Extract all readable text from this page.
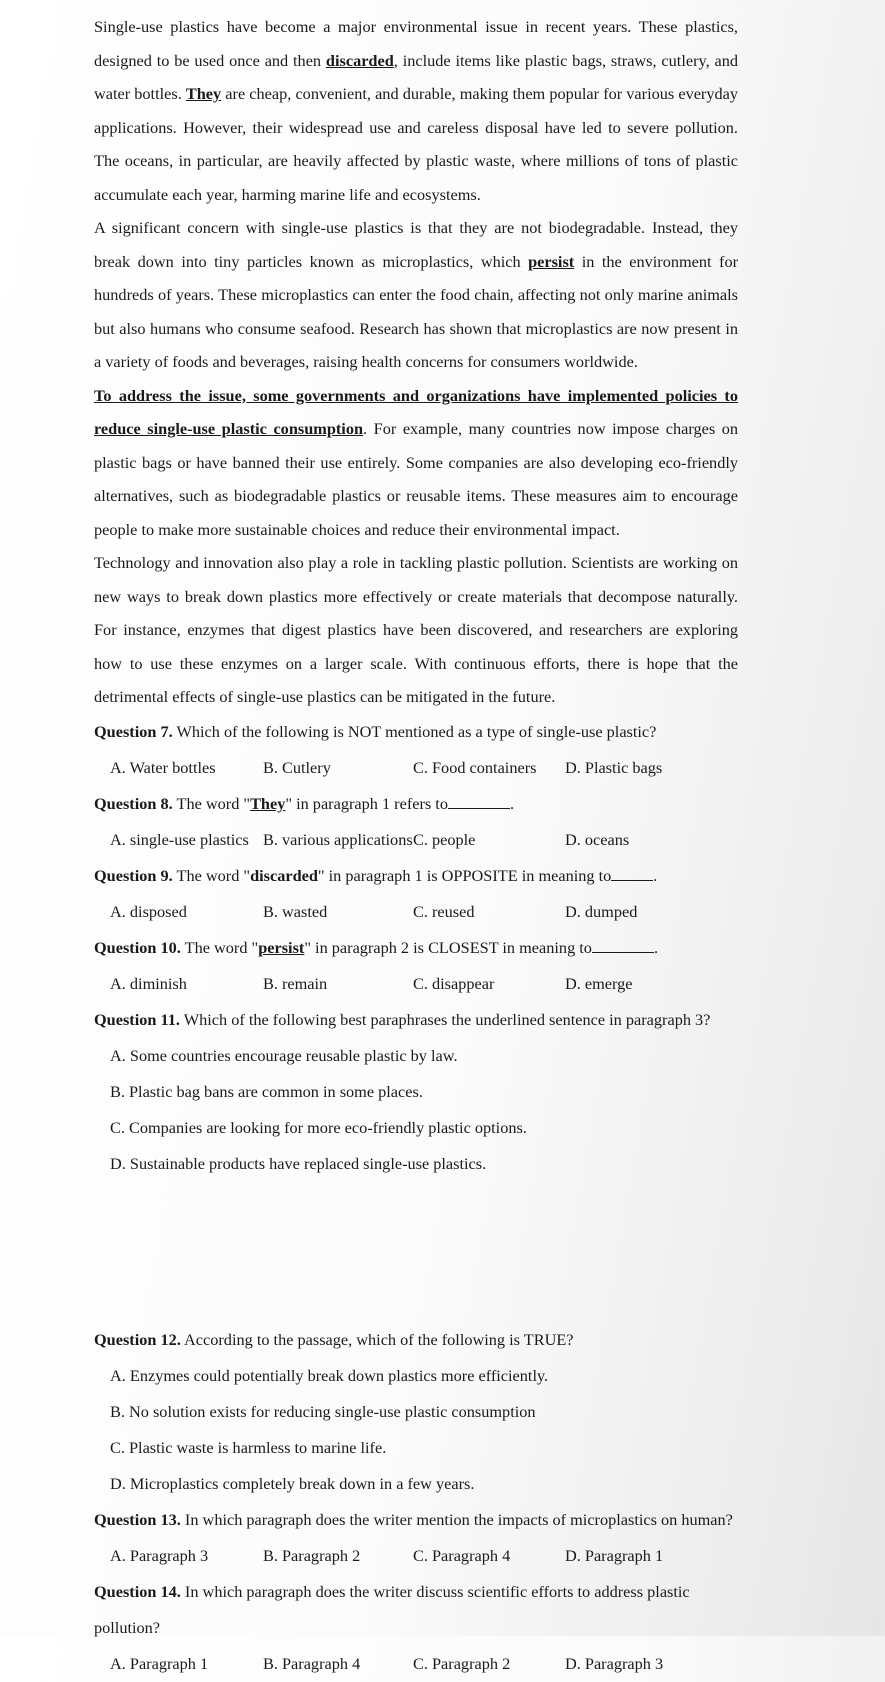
Single-use plastics have become a major environmental issue in recent years. These plastics, designed to be used once and then discarded, include items like plastic bags, straws, cutlery, and water bottles. They are cheap, convenient, and durable, making them popular for various everyday applications. However, their widespread use and careless disposal have led to severe pollution. The oceans, in particular, are heavily affected by plastic waste, where millions of tons of plastic accumulate each year, harming marine life and ecosystems.

A significant concern with single-use plastics is that they are not biodegradable. Instead, they break down into tiny particles known as microplastics, which persist in the environment for hundreds of years. These microplastics can enter the food chain, affecting not only marine animals but also humans who consume seafood. Research has shown that microplastics are now present in a variety of foods and beverages, raising health concerns for consumers worldwide.

To address the issue, some governments and organizations have implemented policies to reduce single-use plastic consumption. For example, many countries now impose charges on plastic bags or have banned their use entirely. Some companies are also developing eco-friendly alternatives, such as biodegradable plastics or reusable items. These measures aim to encourage people to make more sustainable choices and reduce their environmental impact.

Technology and innovation also play a role in tackling plastic pollution. Scientists are working on new ways to break down plastics more effectively or create materials that decompose naturally. For instance, enzymes that digest plastics have been discovered, and researchers are exploring how to use these enzymes on a larger scale. With continuous efforts, there is hope that the detrimental effects of single-use plastics can be mitigated in the future.

Question 7. Which of the following is NOT mentioned as a type of single-use plastic?

A. Water bottles	B. Cutlery	C. Food containers	D. Plastic bags

Question 8. The word "They" in paragraph 1 refers to	.

A. single-use plastics B. various applications C. people	D. oceans

Question 9. The word "discarded" in paragraph 1 is OPPOSITE in meaning to	.

A. disposed	B. wasted	C. reused	D. dumped

Question 10. The word "persist" in paragraph 2 is CLOSEST in meaning to	.

A. diminish	B. remain	C. disappear	D. emerge

Question 11. Which of the following best paraphrases the underlined sentence in paragraph 3?

A. Some countries encourage reusable plastic by law.
B. Plastic bag bans are common in some places.
C. Companies are looking for more eco-friendly plastic options.
D. Sustainable products have replaced single-use plastics.

Question 12. According to the passage, which of the following is TRUE?

A. Enzymes could potentially break down plastics more efficiently.
B. No solution exists for reducing single-use plastic consumption
C. Plastic waste is harmless to marine life.
D. Microplastics completely break down in a few years.

Question 13. In which paragraph does the writer mention the impacts of microplastics on human?

A. Paragraph 3	B. Paragraph 2	C. Paragraph 4	D. Paragraph 1

Question 14. In which paragraph does the writer discuss scientific efforts to address plastic pollution?

A. Paragraph 1	B. Paragraph 4	C. Paragraph 2	D. Paragraph 3
